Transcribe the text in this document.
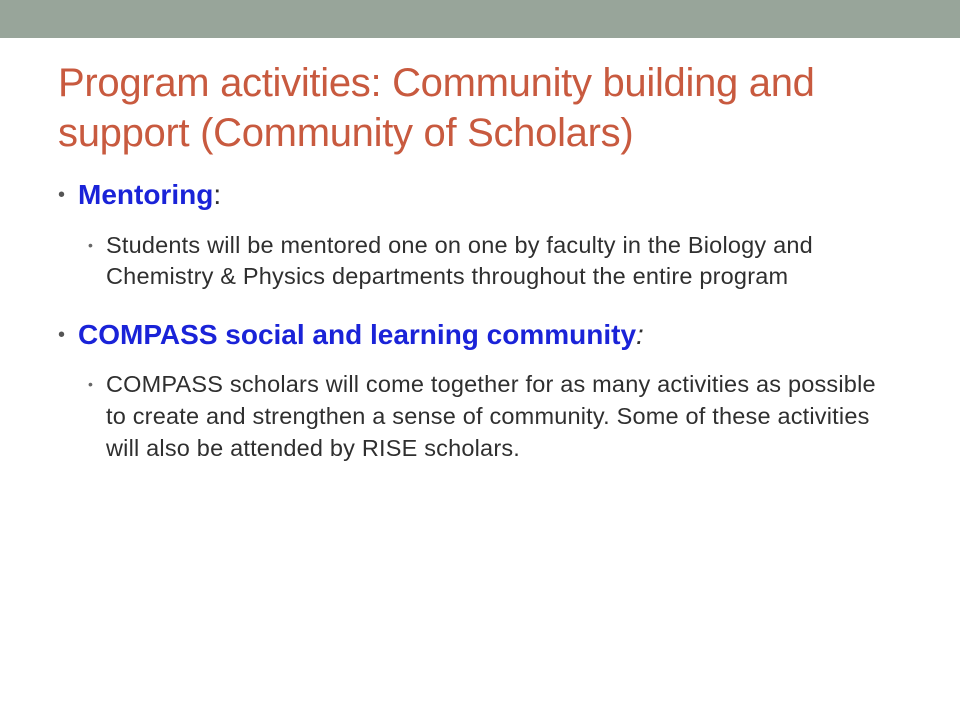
Program activities: Community building and support (Community of Scholars)
• Mentoring:
• Students will be mentored one on one by faculty in the Biology and Chemistry & Physics departments throughout the entire program
• COMPASS social and learning community:
• COMPASS scholars will come together for as many activities as possible to create and strengthen a sense of community. Some of these activities will also be attended by RISE scholars.
